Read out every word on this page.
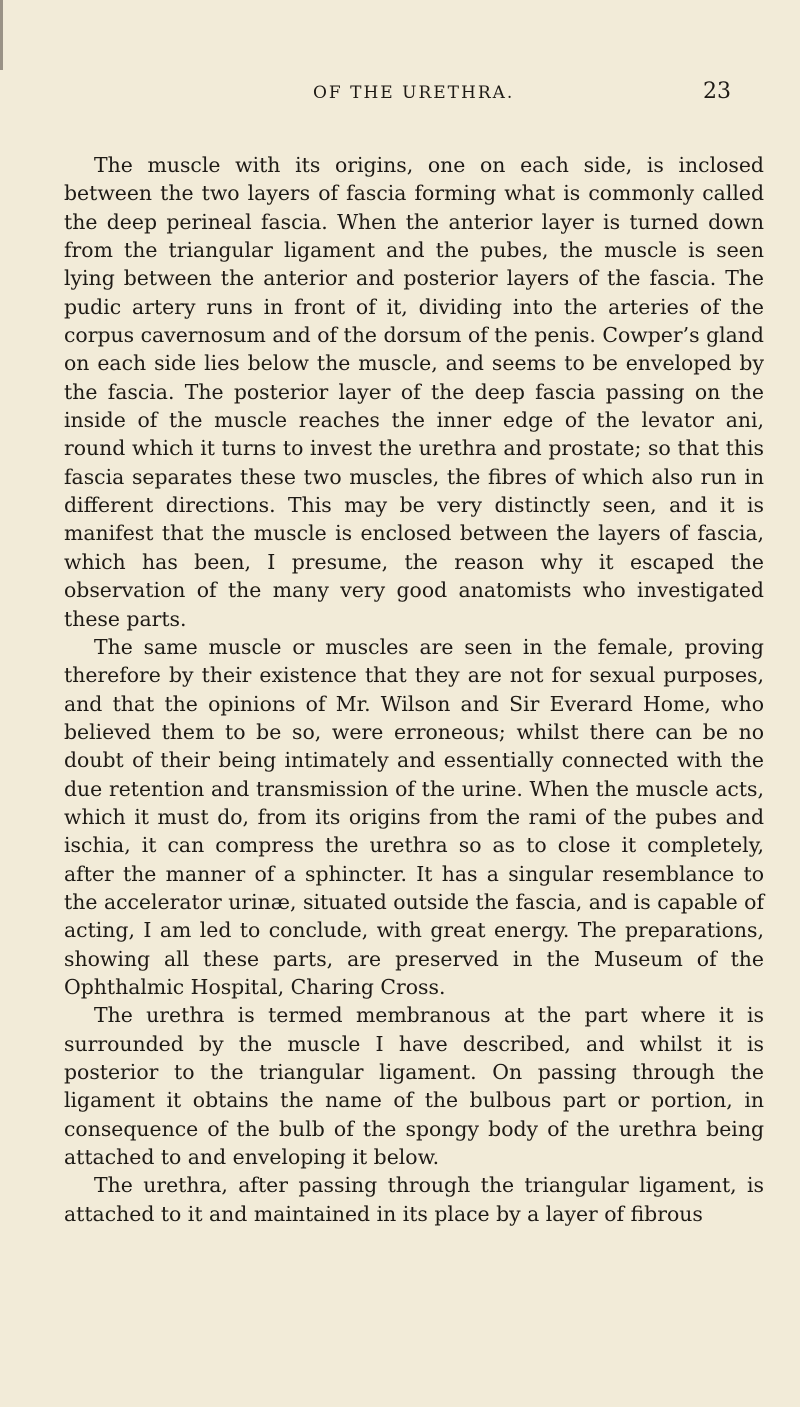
OF THE URETHRA.	23

The muscle with its origins, one on each side, is inclosed between the two layers of fascia forming what is commonly called the deep perineal fascia. When the anterior layer is turned down from the triangular ligament and the pubes, the muscle is seen lying between the anterior and posterior layers of the fascia. The pudic artery runs in front of it, dividing into the arteries of the corpus cavernosum and of the dorsum of the penis. Cowper’s gland on each side lies below the muscle, and seems to be enveloped by the fascia. The posterior layer of the deep fascia passing on the inside of the muscle reaches the inner edge of the levator ani, round which it turns to invest the urethra and prostate; so that this fascia separates these two muscles, the fibres of which also run in different directions. This may be very distinctly seen, and it is manifest that the muscle is enclosed between the layers of fascia, which has been, I presume, the reason why it escaped the observation of the many very good anatomists who investigated these parts.

The same muscle or muscles are seen in the female, proving therefore by their existence that they are not for sexual purposes, and that the opinions of Mr. Wilson and Sir Everard Home, who believed them to be so, were erroneous; whilst there can be no doubt of their being intimately and essentially connected with the due retention and transmission of the urine. When the muscle acts, which it must do, from its origins from the rami of the pubes and ischia, it can compress the urethra so as to close it completely, after the manner of a sphincter. It has a singular resemblance to the accelerator urinæ, situated outside the fascia, and is capable of acting, I am led to conclude, with great energy. The preparations, showing all these parts, are preserved in the Museum of the Ophthalmic Hospital, Charing Cross.

The urethra is termed membranous at the part where it is surrounded by the muscle I have described, and whilst it is posterior to the triangular ligament. On passing through the ligament it obtains the name of the bulbous part or portion, in consequence of the bulb of the spongy body of the urethra being attached to and enveloping it below.

The urethra, after passing through the triangular ligament, is attached to it and maintained in its place by a layer of fibrous
